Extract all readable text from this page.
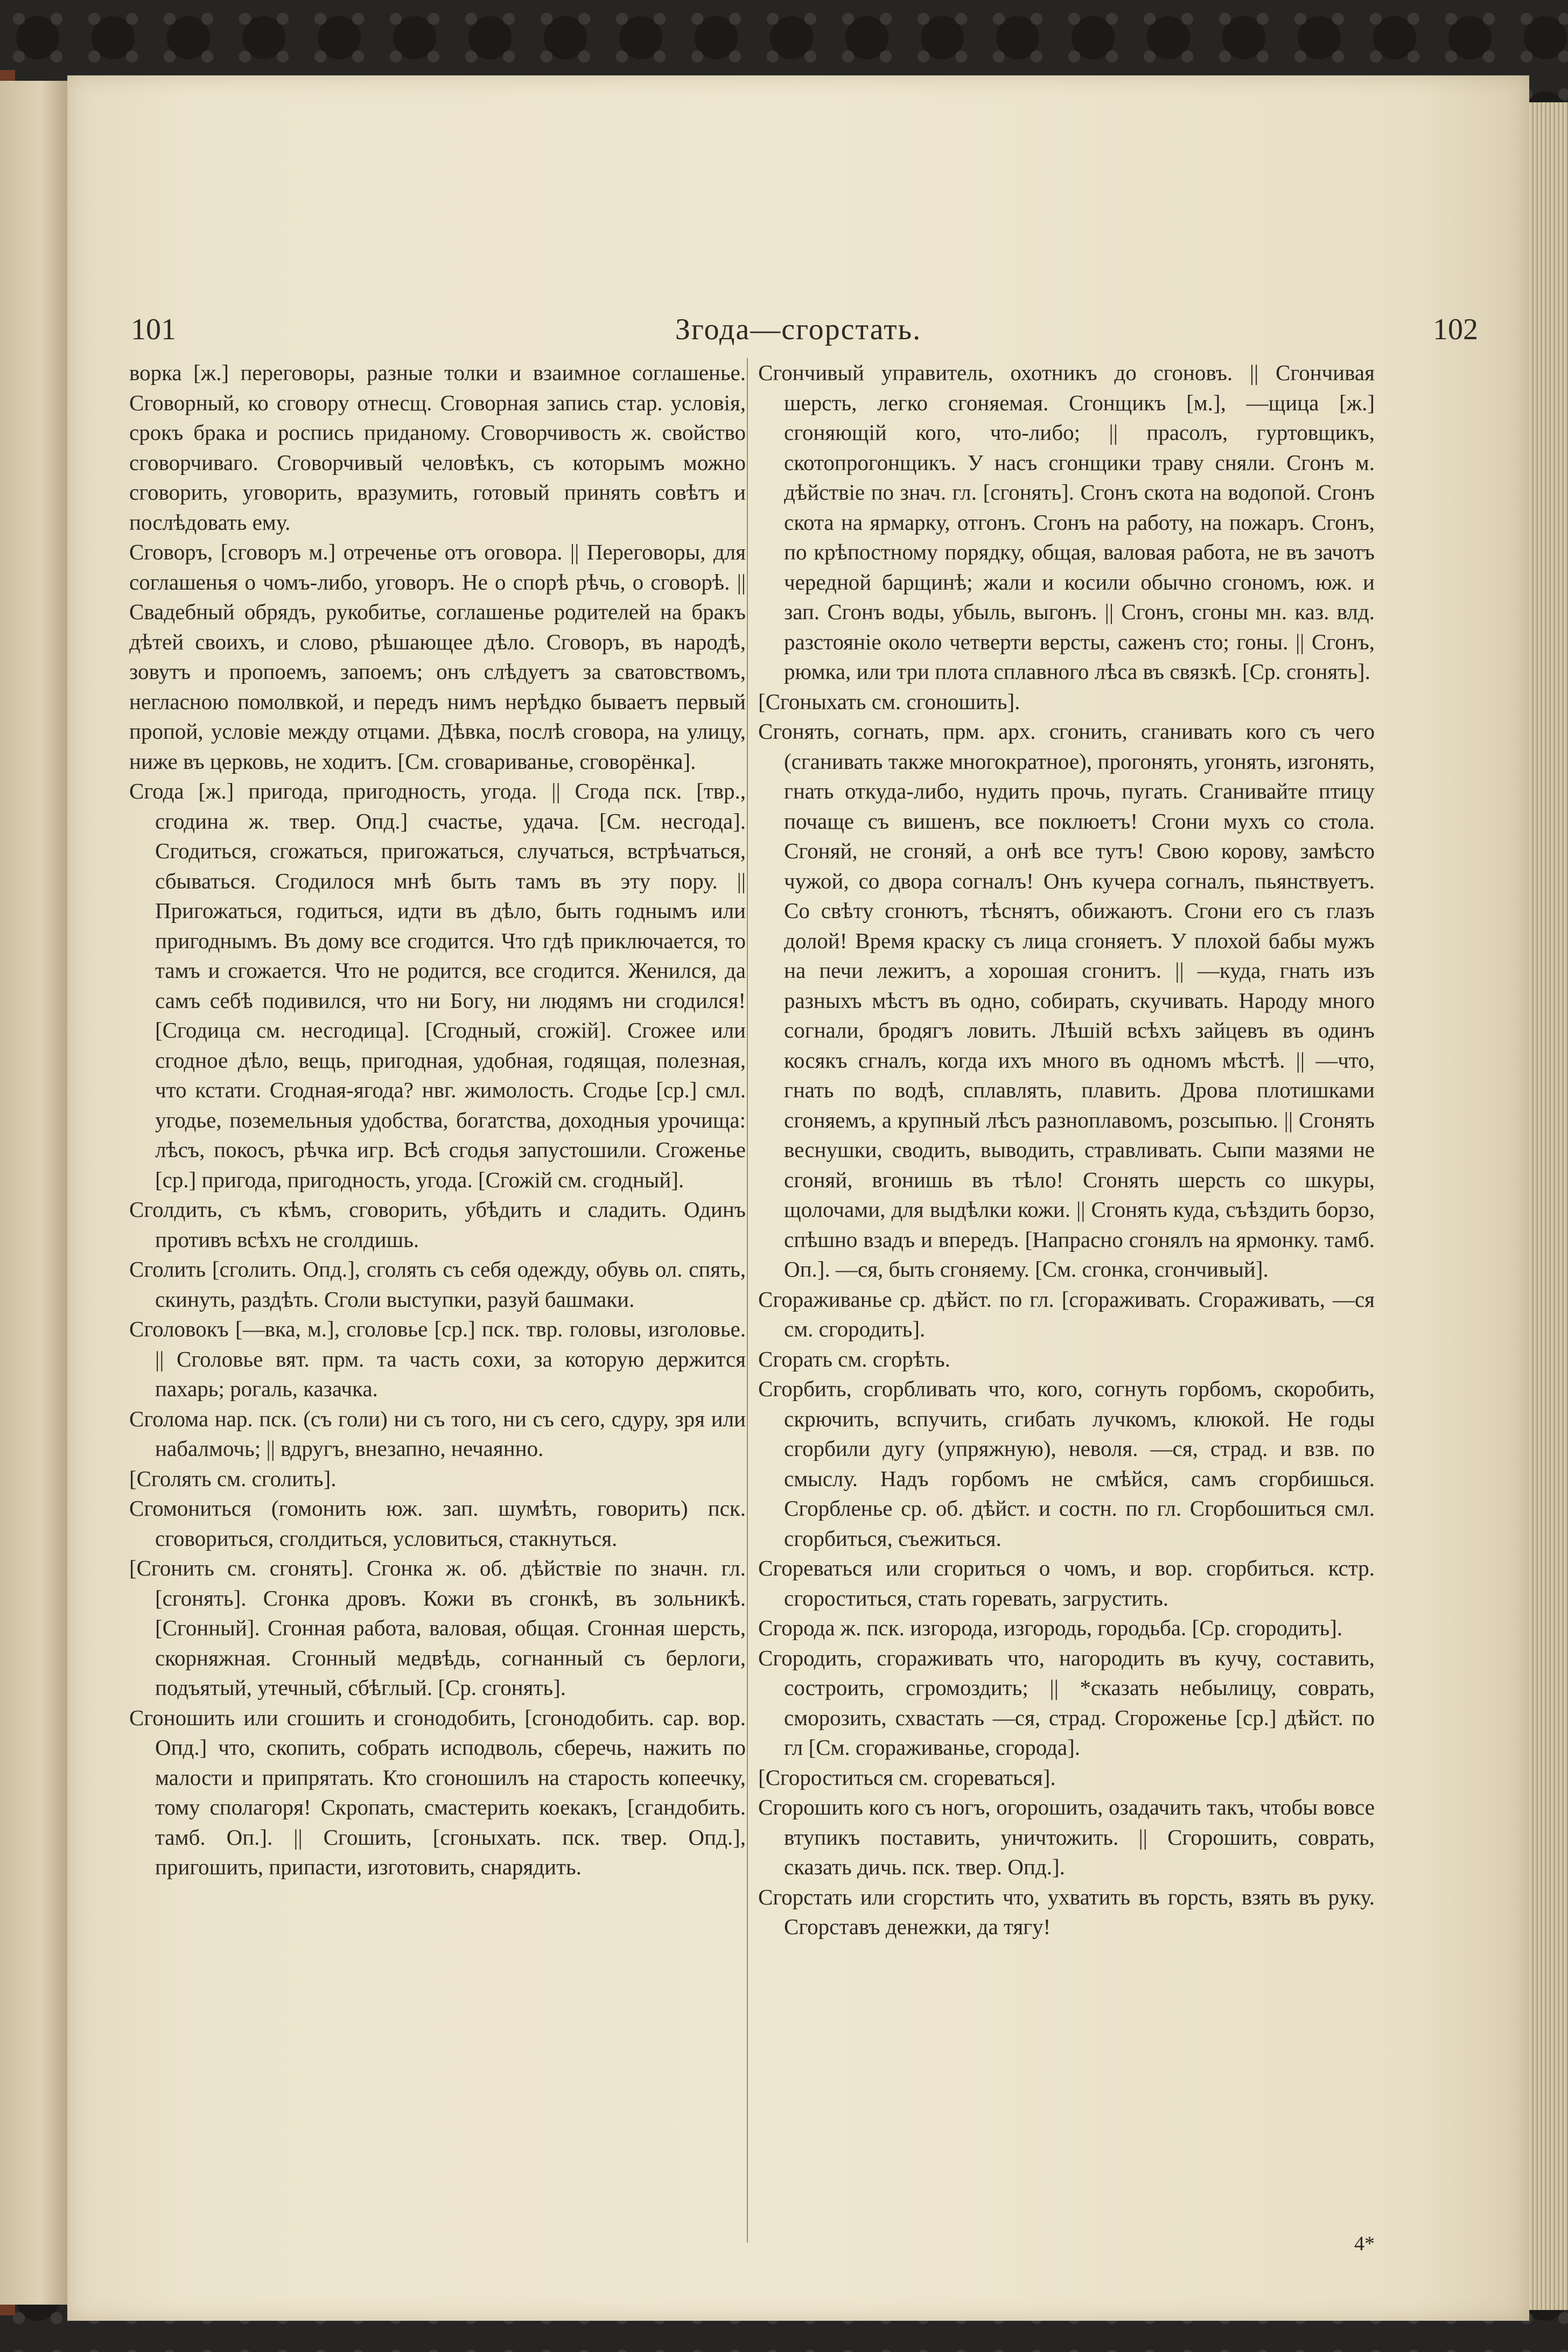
101	Згода—сгорстать.	102

ворка [ж.] переговоры, разные толки и взаимное соглашенье. Сговорный, ко сговору отнесщ. Сговорная запись стар. условiя, срокъ брака и роспись приданому. Сговорчивость ж. свойство сговорчиваго. Сговорчивый человѣкъ, съ которымъ можно сговорить, уговорить, вразумить, готовый принять совѣтъ и послѣдовать ему.

Сговоръ, [сговоръ м.] отреченье отъ оговора. || Переговоры, для соглашенья о чомъ-либо, уговоръ. Не о спорѣ рѣчь, о сговорѣ. || Свадебный обрядъ, рукобитье, соглашенье родителей на бракъ дѣтей своихъ, и слово, рѣшающее дѣло. Сговоръ, въ народѣ, зовутъ и пропоемъ, запоемъ; онъ слѣдуетъ за сватовствомъ, негласною помолвкой, и передъ нимъ нерѣдко бываетъ первый пропой, условiе между отцами. Дѣвка, послѣ сговора, на улицу, ниже въ церковь, не ходитъ. [См. сговариванье, сговорёнка].

Сгода [ж.] пригода, пригодность, угода. || Сгода пск. [твр., сгодина ж. твер. Опд.] счастье, удача. [См. несгода]. Сгодиться, сгожаться, пригожаться, случаться, встрѣчаться, сбываться. Сгодилося мнѣ быть тамъ въ эту пору. || Пригожаться, годиться, идти въ дѣло, быть годнымъ или пригоднымъ. Въ дому все сгодится. Что гдѣ приключается, то тамъ и сгожается. Что не родится, все сгодится. Женился, да самъ себѣ подивился, что ни Богу, ни людямъ ни сгодился! [Сгодица см. несгодица]. [Сгодный, сгожiй]. Сгожее или сгодное дѣло, вещь, пригодная, удобная, годящая, полезная, что кстати. Сгодная-ягода? нвг. жимолость. Сгодье [ср.] смл. угодье, поземельныя удобства, богатства, доходныя урочища: лѣсъ, покосъ, рѣчка игр. Всѣ сгодья запустошили. Сгоженье [ср.] пригода, пригодность, угода. [Сгожiй см. сгодный].

Сголдить, съ кѣмъ, сговорить, убѣдить и сладить. Одинъ противъ всѣхъ не сголдишь.

Сголить [сголить. Опд.], сголять съ себя одежду, обувь ол. спять, скинуть, раздѣть. Сголи выступки, разуй башмаки.

Сголовокъ [—вка, м.], сголовье [ср.] пск. твр. головы, изголовье. || Сголовье вят. прм. та часть сохи, за которую держится пахарь; рогаль, казачка.

Сголома нар. пск. (съ голи) ни съ того, ни съ сего, сдуру, зря или набалмочь; || вдругъ, внезапно, нечаянно.

[Сголять см. сголить].

Сгомониться (гомонить юж. зап. шумѣть, говорить) пск. сговориться, сголдиться, условиться, стакнуться.

[Сгонить см. сгонять]. Сгонка ж. об. дѣйствiе по значн. гл. [сгонять]. Сгонка дровъ. Кожи въ сгонкѣ, въ зольникѣ. [Сгонный]. Сгонная работа, валовая, общая. Сгонная шерсть, скорняжная. Сгонный медвѣдь, согнанный съ берлоги, подъятый, утечный, сбѣглый. [Ср. сгонять].

Сгоношить или сгошить и сгонодобить, [сгонодобить. сар. вор. Опд.] что, скопить, собрать исподволь, сберечь, нажить по малости и припрятать. Кто сгоношилъ на старость копеечку, тому сполагоря! Скропать, смастерить коекакъ, [сгандобить. тамб. Оп.]. || Сгошить, [сгоныхать. пск. твер. Опд.], пригошить, припасти, изготовить, снарядить.

Сгончивый управитель, охотникъ до сгоновъ. || Сгончивая шерсть, легко сгоняемая. Сгонщикъ [м.], —щица [ж.] сгоняющiй кого, что-либо; || прасолъ, гуртовщикъ, скотопрогонщикъ. У насъ сгонщики траву сняли. Сгонъ м. дѣйствiе по знач. гл. [сгонять]. Сгонъ скота на водопой. Сгонъ скота на ярмарку, отгонъ. Сгонъ на работу, на пожаръ. Сгонъ, по крѣпостному порядку, общая, валовая работа, не въ зачотъ чередной барщинѣ; жали и косили обычно сгономъ, юж. и зап. Сгонъ воды, убыль, выгонъ. || Сгонъ, сгоны мн. каз. влд. разстоянiе около четверти версты, саженъ сто; гоны. || Сгонъ, рюмка, или три плота сплавного лѣса въ связкѣ. [Ср. сгонять].

[Сгоныхать см. сгоношить].

Сгонять, согнать, прм. арх. сгонить, сганивать кого съ чего (сганивать также многократное), прогонять, угонять, изгонять, гнать откуда-либо, нудить прочь, пугать. Сганивайте птицу почаще съ вишенъ, все поклюетъ! Сгони мухъ со стола. Сгоняй, не сгоняй, а онѣ все тутъ! Свою корову, замѣсто чужой, со двора согналъ! Онъ кучера согналъ, пьянствуетъ. Со свѣту сгонютъ, тѣснятъ, обижаютъ. Сгони его съ глазъ долой! Время краску съ лица сгоняетъ. У плохой бабы мужъ на печи лежитъ, а хорошая сгонитъ. || —куда, гнать изъ разныхъ мѣстъ въ одно, собирать, скучивать. Народу много согнали, бродягъ ловить. Лѣшiй всѣхъ зайцевъ въ одинъ косякъ сгналъ, когда ихъ много въ одномъ мѣстѣ. || —что, гнать по водѣ, сплавлять, плавить. Дрова плотишками сгоняемъ, а крупный лѣсъ разноплавомъ, розсыпью. || Сгонять веснушки, сводить, выводить, стравливать. Сыпи мазями не сгоняй, вгонишь въ тѣло! Сгонять шерсть со шкуры, щолочами, для выдѣлки кожи. || Сгонять куда, съѣздить борзо, спѣшно взадъ и впередъ. [Напрасно сгонялъ на ярмонку. тамб. Оп.]. —ся, быть сгоняему. [См. сгонка, сгончивый].

Сгораживанье ср. дѣйст. по гл. [сгораживать. Сгораживать, —ся см. сгородить].

Сгорать см. сгорѣть.

Сгорбить, сгорбливать что, кого, согнуть горбомъ, скоробить, скрючить, вспучить, сгибать лучкомъ, клюкой. Не годы сгорбили дугу (упряжную), неволя. —ся, страд. и взв. по смыслу. Надъ горбомъ не смѣйся, самъ сгорбишься. Сгорбленье ср. об. дѣйст. и состн. по гл. Сгорбошиться смл. сгорбиться, съежиться.

Сгореваться или сгориться о чомъ, и вор. сгорбиться. кстр. сгороститься, стать горевать, загрустить.

Сгорода ж. пск. изгорода, изгородь, городьба. [Ср. сгородить].

Сгородить, сгораживать что, нагородить въ кучу, составить, состроить, сгромоздить; || *сказать небылицу, соврать, сморозить, схвастать —ся, страд. Сгороженье [ср.] дѣйст. по гл [См. сгораживанье, сгорода].

[Сгороститься см. сгореваться].

Сгорошить кого съ ногъ, огорошить, озадачить такъ, чтобы вовсе втупикъ поставить, уничтожить. || Сгорошить, соврать, сказать дичь. пск. твер. Опд.].

Сгорстать или сгорстить что, ухватить въ горсть, взять въ руку. Сгорставъ денежки, да тягу!

4*
